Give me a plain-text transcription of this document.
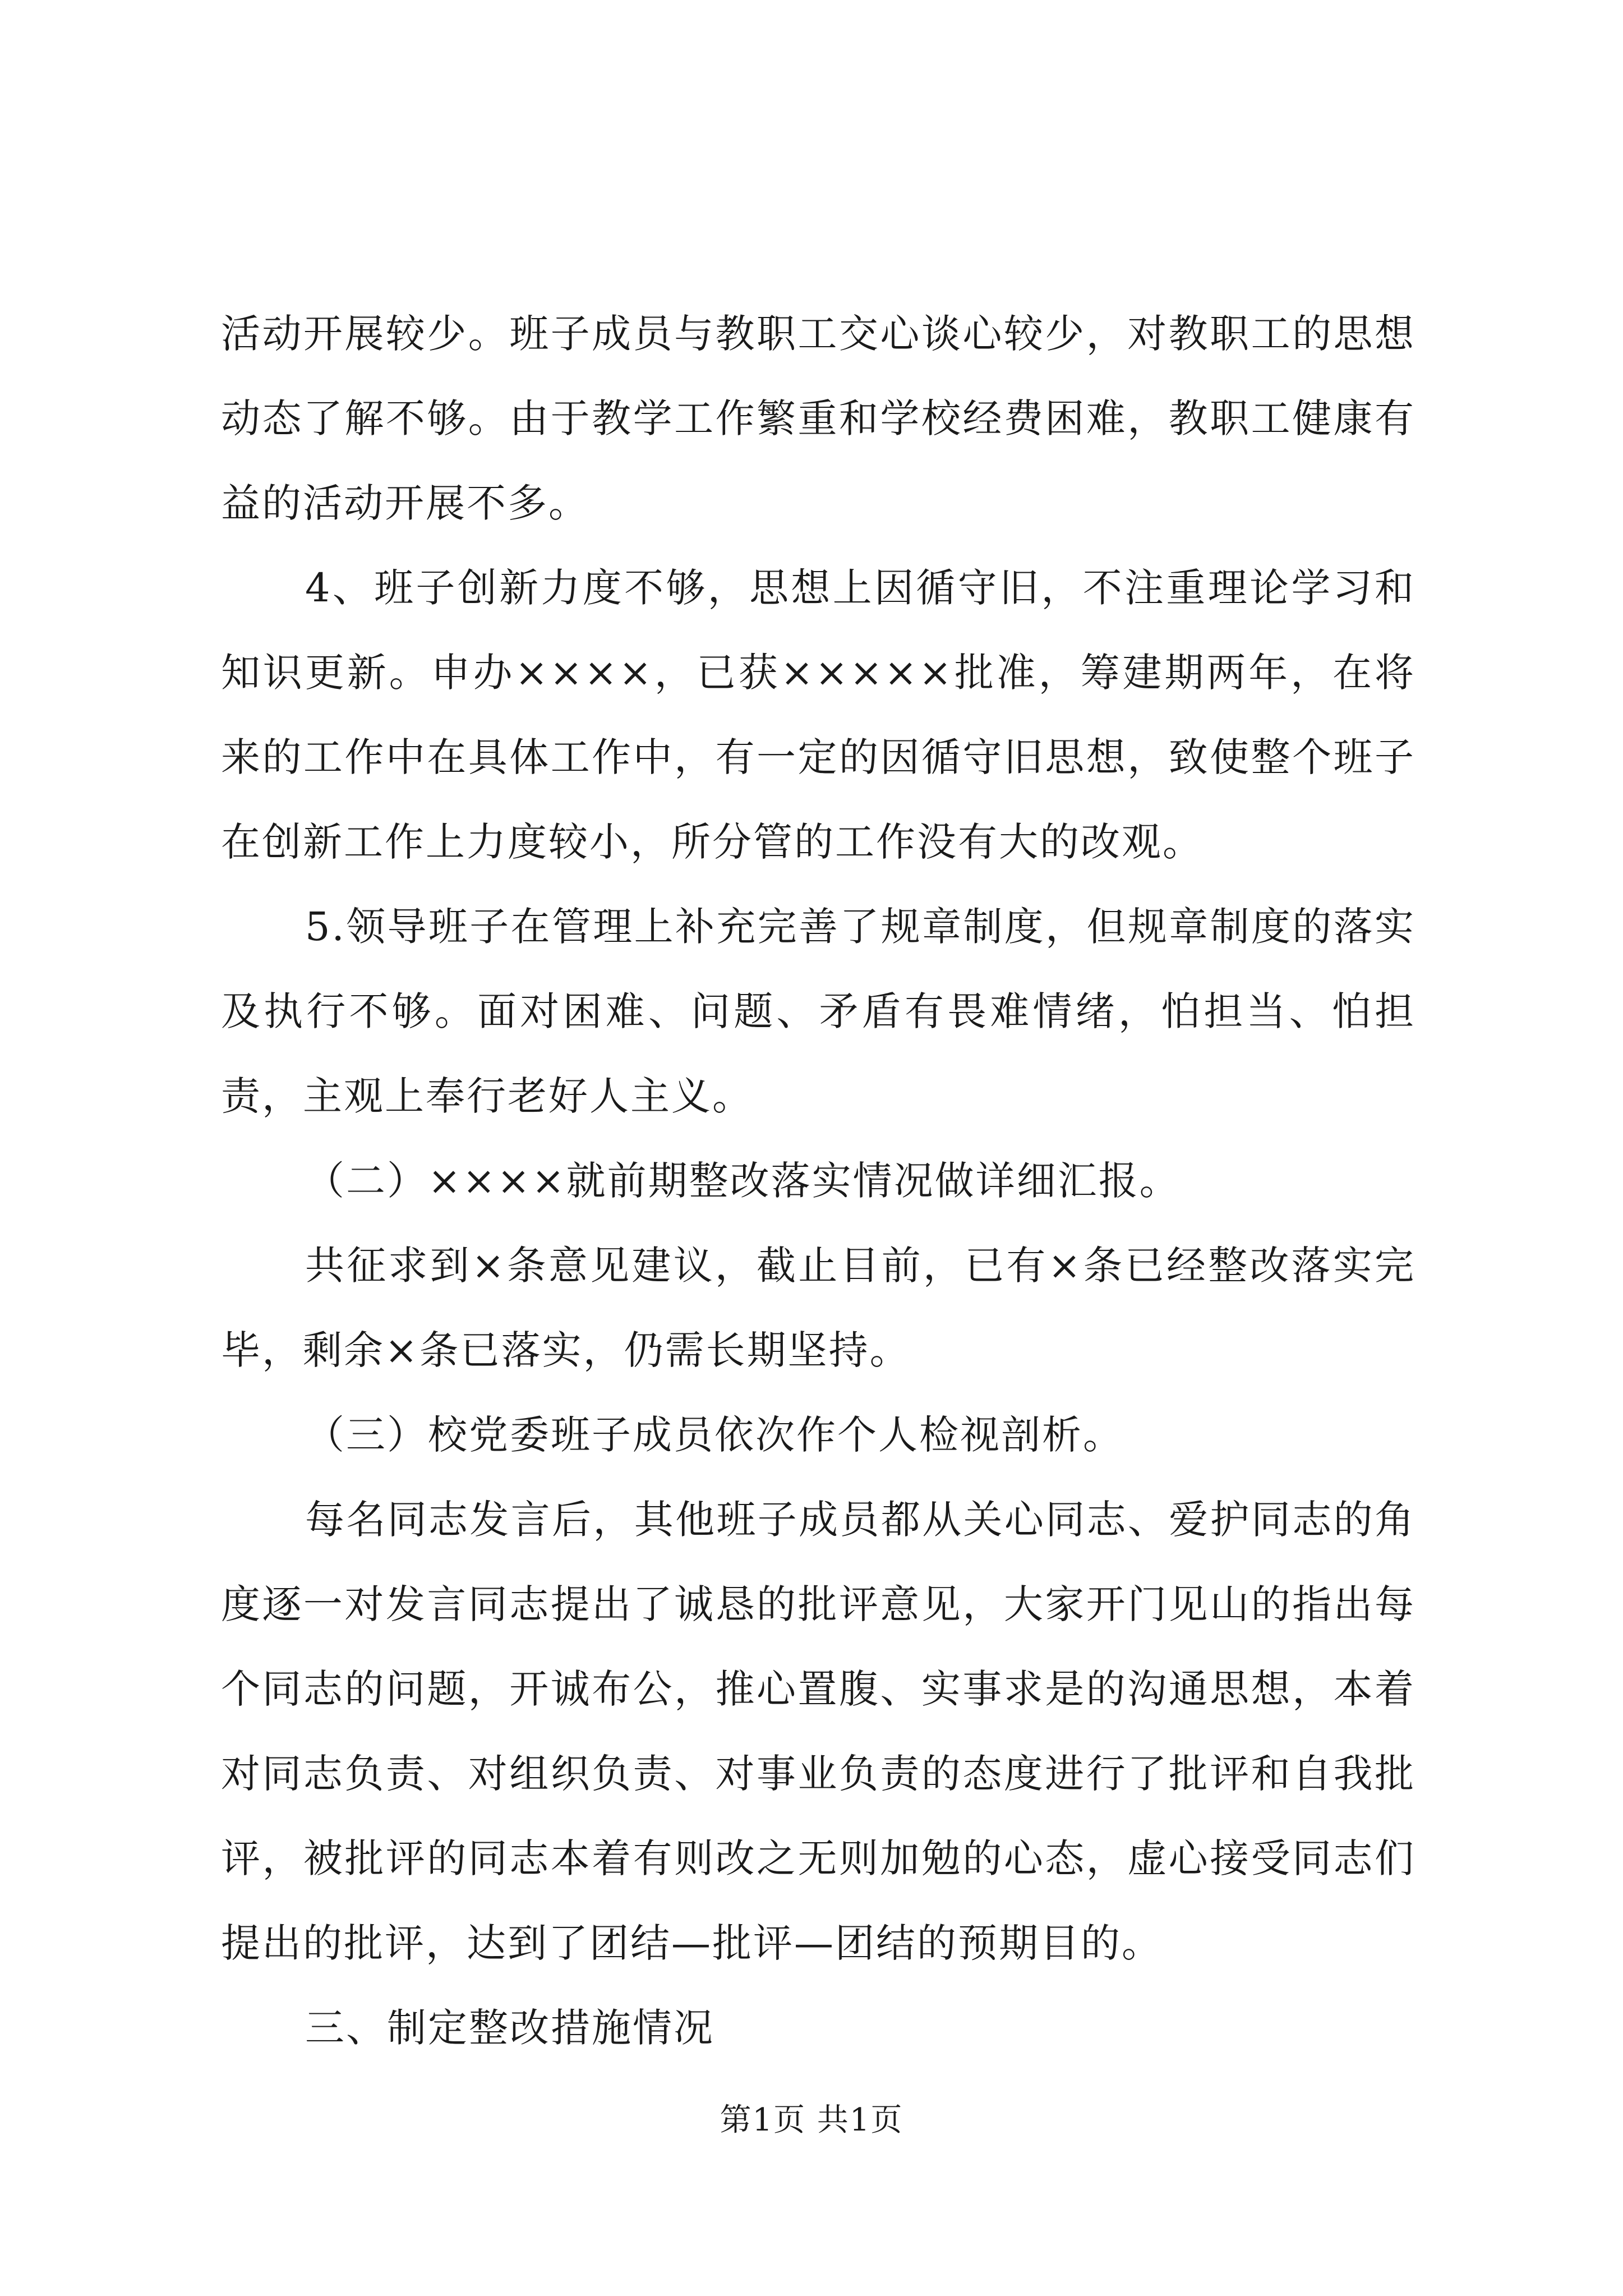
活动开展较少。班子成员与教职工交心谈心较少，对教职工的思想动态了解不够。由于教学工作繁重和学校经费困难，教职工健康有益的活动开展不多。

4、班子创新力度不够，思想上因循守旧，不注重理论学习和知识更新。申办××××，已获×××××批准，筹建期两年，在将来的工作中在具体工作中，有一定的因循守旧思想，致使整个班子在创新工作上力度较小，所分管的工作没有大的改观。

5.领导班子在管理上补充完善了规章制度，但规章制度的落实及执行不够。面对困难、问题、矛盾有畏难情绪，怕担当、怕担责，主观上奉行老好人主义。

（二）××××就前期整改落实情况做详细汇报。

共征求到×条意见建议，截止目前，已有×条已经整改落实完毕，剩余×条已落实，仍需长期坚持。

（三）校党委班子成员依次作个人检视剖析。

每名同志发言后，其他班子成员都从关心同志、爱护同志的角度逐一对发言同志提出了诚恳的批评意见，大家开门见山的指出每个同志的问题，开诚布公，推心置腹、实事求是的沟通思想，本着对同志负责、对组织负责、对事业负责的态度进行了批评和自我批评，被批评的同志本着有则改之无则加勉的心态，虚心接受同志们提出的批评，达到了团结—批评—团结的预期目的。

三、制定整改措施情况

第1页 共1页
